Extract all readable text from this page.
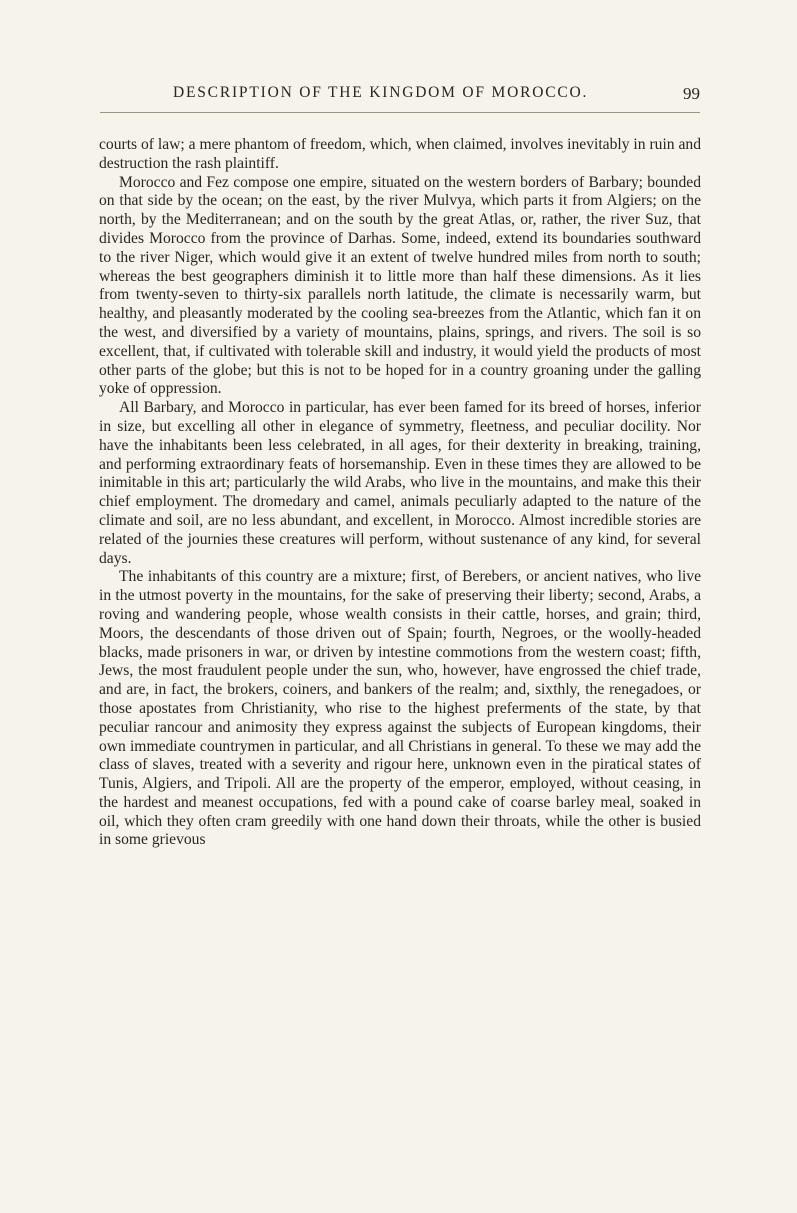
DESCRIPTION OF THE KINGDOM OF MOROCCO.	99

courts of law; a mere phantom of freedom, which, when claimed, involves inevitably in ruin and destruction the rash plaintiff.

Morocco and Fez compose one empire, situated on the western borders of Barbary; bounded on that side by the ocean; on the east, by the river Mulvya, which parts it from Algiers; on the north, by the Mediterranean; and on the south by the great Atlas, or, rather, the river Suz, that divides Morocco from the province of Darhas. Some, indeed, extend its boundaries southward to the river Niger, which would give it an extent of twelve hundred miles from north to south; whereas the best geographers diminish it to little more than half these dimensions. As it lies from twenty-seven to thirty-six parallels north latitude, the climate is necessarily warm, but healthy, and pleasantly moderated by the cooling sea-breezes from the Atlantic, which fan it on the west, and diversified by a variety of mountains, plains, springs, and rivers. The soil is so excellent, that, if cultivated with tolerable skill and industry, it would yield the products of most other parts of the globe; but this is not to be hoped for in a country groaning under the galling yoke of oppression.

All Barbary, and Morocco in particular, has ever been famed for its breed of horses, inferior in size, but excelling all other in elegance of symmetry, fleetness, and peculiar docility. Nor have the inhabitants been less celebrated, in all ages, for their dexterity in breaking, training, and performing extraordinary feats of horsemanship. Even in these times they are allowed to be inimitable in this art; particularly the wild Arabs, who live in the mountains, and make this their chief employment. The dromedary and camel, animals peculiarly adapted to the nature of the climate and soil, are no less abundant, and excellent, in Morocco. Almost incredible stories are related of the journies these creatures will perform, without sustenance of any kind, for several days.

The inhabitants of this country are a mixture; first, of Berebers, or ancient natives, who live in the utmost poverty in the mountains, for the sake of preserving their liberty; second, Arabs, a roving and wandering people, whose wealth consists in their cattle, horses, and grain; third, Moors, the descendants of those driven out of Spain; fourth, Negroes, or the woolly-headed blacks, made prisoners in war, or driven by intestine commotions from the western coast; fifth, Jews, the most fraudulent people under the sun, who, however, have engrossed the chief trade, and are, in fact, the brokers, coiners, and bankers of the realm; and, sixthly, the renegadoes, or those apostates from Christianity, who rise to the highest preferments of the state, by that peculiar rancour and animosity they express against the subjects of European kingdoms, their own immediate countrymen in particular, and all Christians in general. To these we may add the class of slaves, treated with a severity and rigour here, unknown even in the piratical states of Tunis, Algiers, and Tripoli. All are the property of the emperor, employed, without ceasing, in the hardest and meanest occupations, fed with a pound cake of coarse barley meal, soaked in oil, which they often cram greedily with one hand down their throats, while the other is busied in some grievous
